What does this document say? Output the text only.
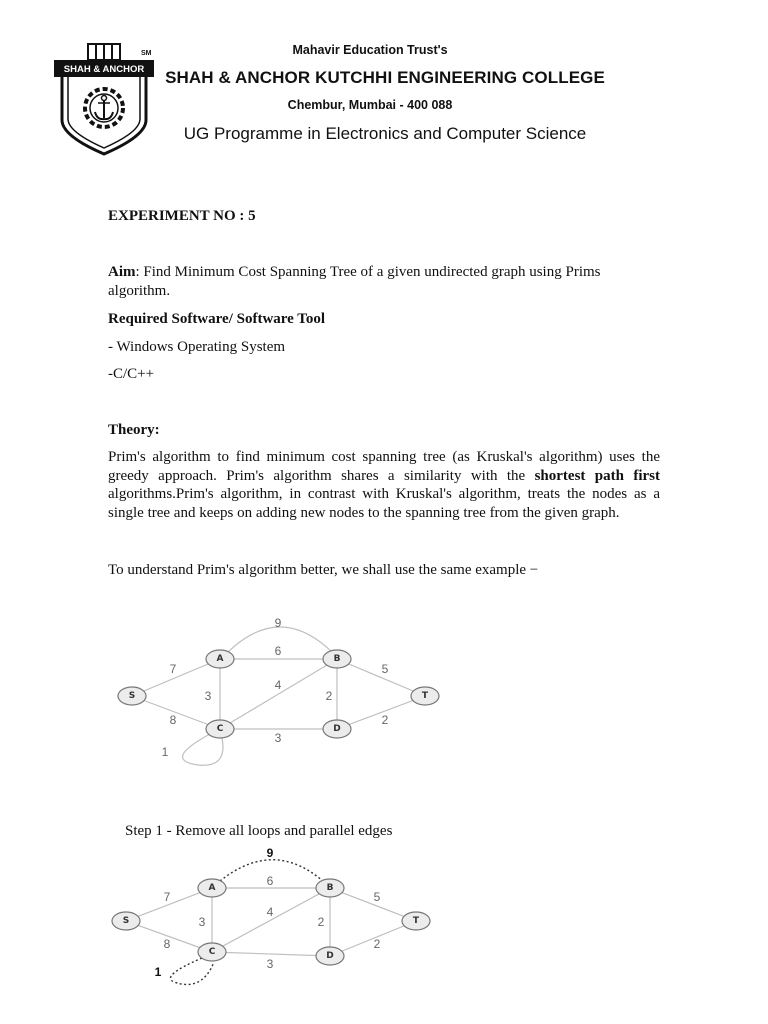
SHAH & ANCHOR
SM	Mahavir Education Trust's
SHAH & ANCHOR KUTCHHI ENGINEERING COLLEGE
Chembur, Mumbai - 400 088
UG Programme in Electronics and Computer Science
EXPERIMENT NO : 5
Aim: Find Minimum Cost Spanning Tree of a given undirected graph using Prims algorithm.
Required Software/ Software Tool
- Windows Operating System
-C/C++
Theory:
Prim's algorithm to find minimum cost spanning tree (as Kruskal's algorithm) uses the greedy approach. Prim's algorithm shares a similarity with the shortest path first algorithms.Prim's algorithm, in contrast with Kruskal's algorithm, treats the nodes as a single tree and keeps on adding new nodes to the spanning tree from the given graph.
To understand Prim's algorithm better, we shall use the same example −
7
8
6
9
3
4
2
3
5
2
1
S
A	B
C	D
T
Step 1 - Remove all loops and parallel edges
7
8
6
9
3
4
2
3
5
2
1
S
A	B
C	D
T
